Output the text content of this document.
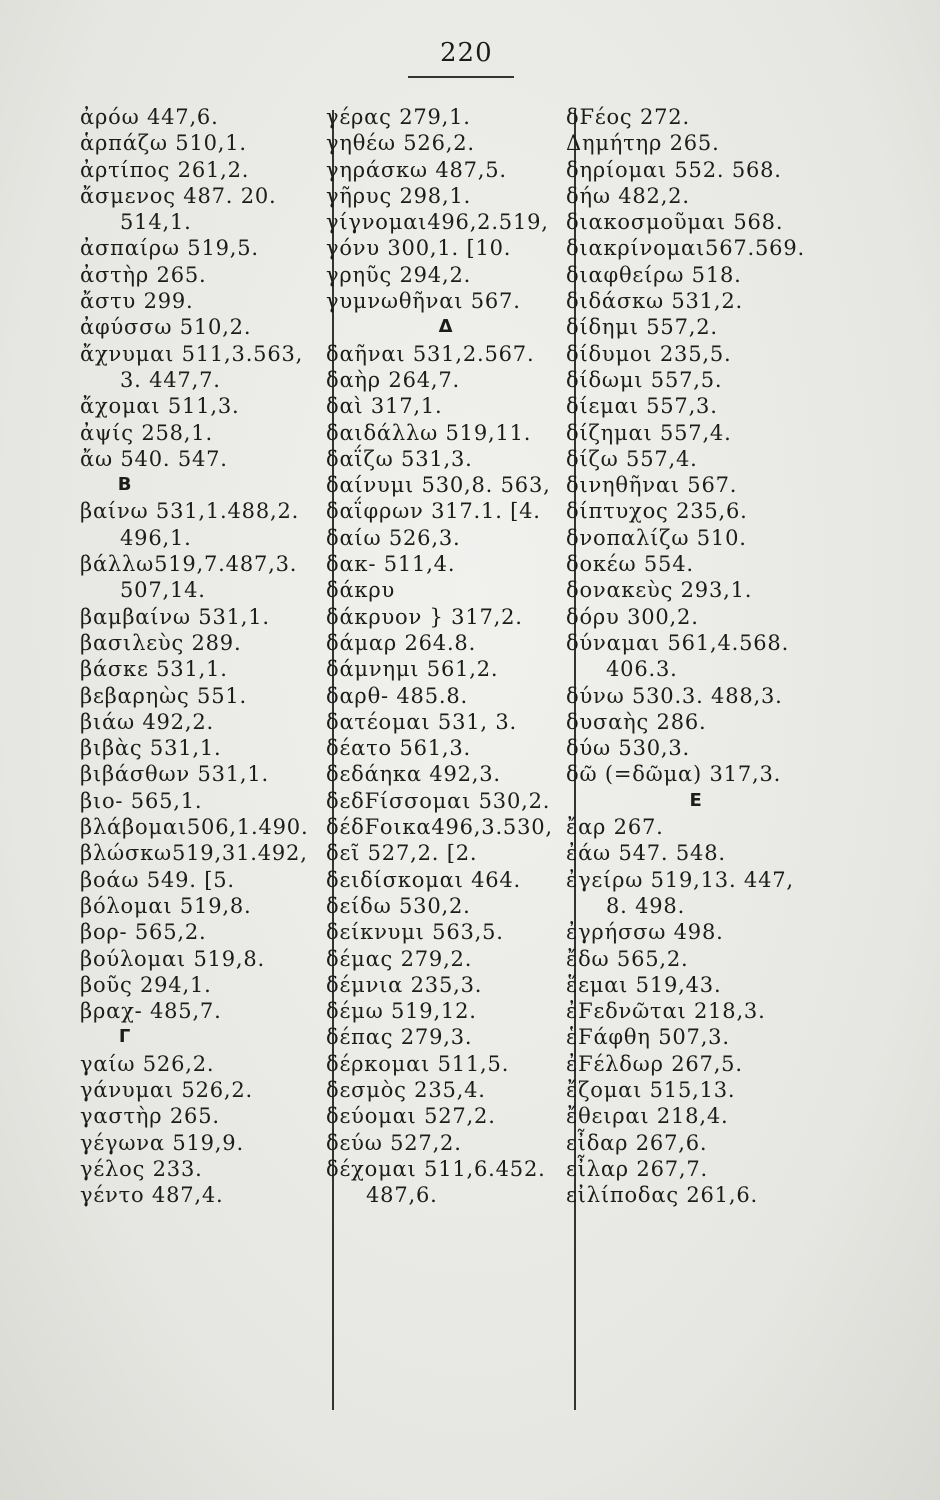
220
ἀρόω 447,6.
ἁρπάζω 510,1.
ἀρτίπος 261,2.
ἄσμενος 487. 20.
514,1.
ἀσπαίρω 519,5.
ἀστὴρ 265.
ἄστυ 299.
ἀφύσσω 510,2.
ἄχνυμαι 511,3.563,
3. 447,7.
ἄχομαι 511,3.
ἀψίς 258,1.
ἄω 540. 547.
B
βαίνω 531,1.488,2.
496,1.
βάλλω519,7.487,3.
507,14.
βαμβαίνω 531,1.
βασιλεὺς 289.
βάσκε 531,1.
βεβαρηὼς 551.
βιάω 492,2.
βιβὰς 531,1.
βιβάσθων 531,1.
βιο- 565,1.
βλάβομαι506,1.490.
βλώσκω519,31.492,
βοάω 549. [5.
βόλομαι 519,8.
βορ- 565,2.
βούλομαι 519,8.
βοῦς 294,1.
βραχ- 485,7.
Γ
γαίω 526,2.
γάνυμαι 526,2.
γαστὴρ 265.
γέγωνα 519,9.
γέλος 233.
γέντο 487,4.
γέρας 279,1.
γηθέω 526,2.
γηράσκω 487,5.
γῆρυς 298,1.
γίγνομαι496,2.519,
γόνυ 300,1. [10.
γρηῦς 294,2.
γυμνωθῆναι 567.
Δ
δαῆναι 531,2.567.
δαὴρ 264,7.
δαὶ 317,1.
δαιδάλλω 519,11.
δαΐζω 531,3.
δαίνυμι 530,8. 563,
δαΐφρων 317.1. [4.
δαίω 526,3.
δακ- 511,4.
δάκρυ
δάκρυον } 317,2.
δάμαρ 264.8.
δάμνημι 561,2.
δαρθ- 485.8.
δατέομαι 531, 3.
δέατο 561,3.
δεδάηκα 492,3.
δεδϜίσσομαι 530,2.
δέδϜοικα496,3.530,
δεῖ 527,2. [2.
δειδίσκομαι 464.
δείδω 530,2.
δείκνυμι 563,5.
δέμας 279,2.
δέμνια 235,3.
δέμω 519,12.
δέπας 279,3.
δέρκομαι 511,5.
δεσμὸς 235,4.
δεύομαι 527,2.
δεύω 527,2.
δέχομαι 511,6.452.
487,6.
δϜέος 272.
Δημήτηρ 265.
δηρίομαι 552. 568.
δήω 482,2.
διακοσμοῦμαι 568.
διακρίνομαι567.569.
διαφθείρω 518.
διδάσκω 531,2.
δίδημι 557,2.
δίδυμοι 235,5.
δίδωμι 557,5.
δίεμαι 557,3.
δίζημαι 557,4.
δίζω 557,4.
δινηθῆναι 567.
δίπτυχος 235,6.
δνοπαλίζω 510.
δοκέω 554.
δονακεὺς 293,1.
δόρυ 300,2.
δύναμαι 561,4.568.
406.3.
δύνω 530.3. 488,3.
δυσαὴς 286.
δύω 530,3.
δῶ (=δῶμα) 317,3.
E
ἔαρ 267.
ἐάω 547. 548.
ἐγείρω 519,13. 447,
8. 498.
ἐγρήσσω 498.
ἔδω 565,2.
ἕεμαι 519,43.
ἐϜεδνῶται 218,3.
ἑϜάφθη 507,3.
ἐϜέλδωρ 267,5.
ἔζομαι 515,13.
ἔθειραι 218,4.
εἶδαρ 267,6.
εἶλαρ 267,7.
εἰλίποδας 261,6.
